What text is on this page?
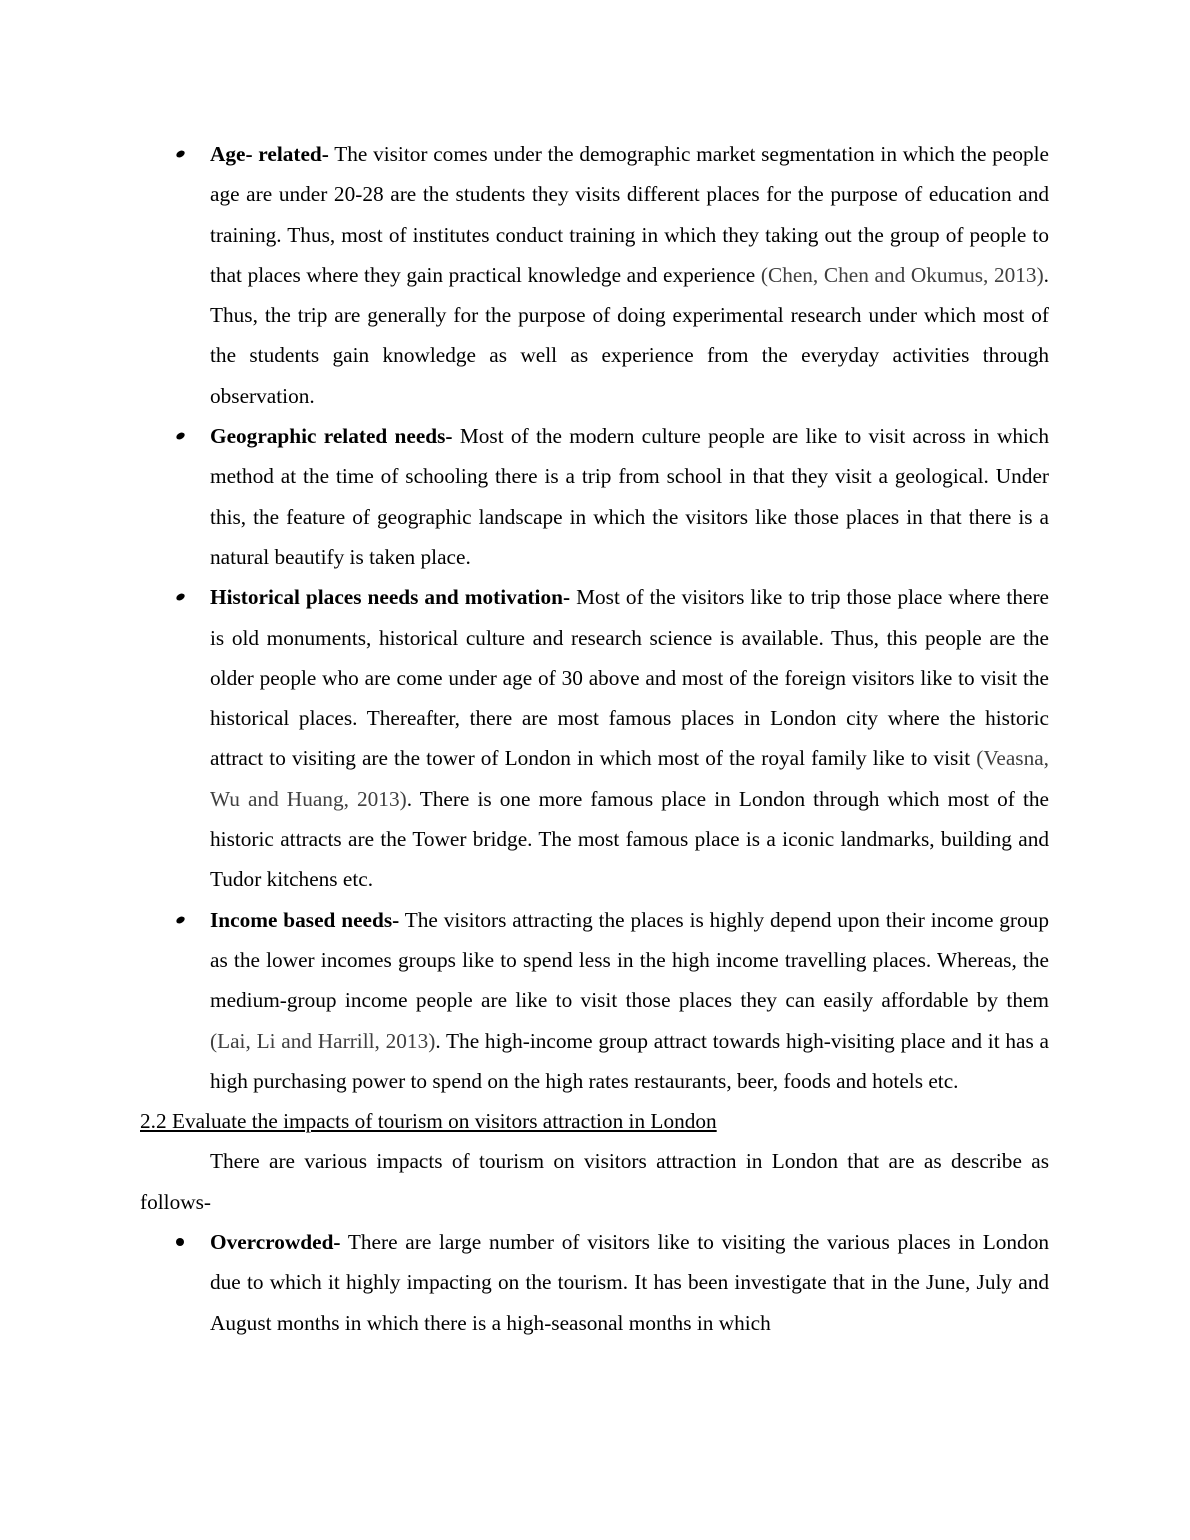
Age- related- The visitor comes under the demographic market segmentation in which the people age are under 20-28 are the students they visits different places for the purpose of education and training. Thus, most of institutes conduct training in which they taking out the group of people to that places where they gain practical knowledge and experience (Chen, Chen and Okumus, 2013). Thus, the trip are generally for the purpose of doing experimental research under which most of the students gain knowledge as well as experience from the everyday activities through observation.
Geographic related needs- Most of the modern culture people are like to visit across in which method at the time of schooling there is a trip from school in that they visit a geological. Under this, the feature of geographic landscape in which the visitors like those places in that there is a natural beautify is taken place.
Historical places needs and motivation- Most of the visitors like to trip those place where there is old monuments, historical culture and research science is available. Thus, this people are the older people who are come under age of 30 above and most of the foreign visitors like to visit the historical places. Thereafter, there are most famous places in London city where the historic attract to visiting are the tower of London in which most of the royal family like to visit (Veasna, Wu and Huang, 2013). There is one more famous place in London through which most of the historic attracts are the Tower bridge. The most famous place is a iconic landmarks, building and Tudor kitchens etc.
Income based needs- The visitors attracting the places is highly depend upon their income group as the lower incomes groups like to spend less in the high income travelling places. Whereas, the medium-group income people are like to visit those places they can easily affordable by them (Lai, Li and Harrill, 2013). The high-income group attract towards high-visiting place and it has a high purchasing power to spend on the high rates restaurants, beer, foods and hotels etc.

2.2 Evaluate the impacts of tourism on visitors attraction in London

There are various impacts of tourism on visitors attraction in London that are as describe as follows-

Overcrowded- There are large number of visitors like to visiting the various places in London due to which it highly impacting on the tourism. It has been investigate that in the June, July and August months in which there is a high-seasonal months in which
